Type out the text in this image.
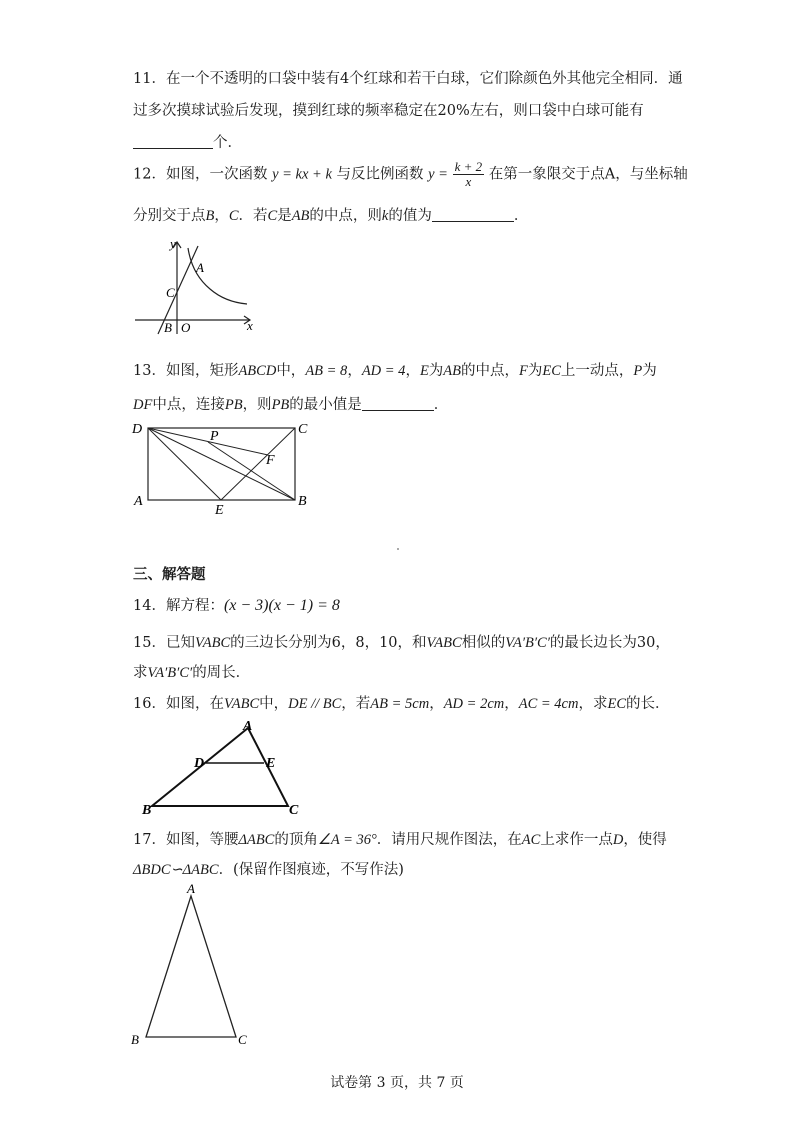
11．在一个不透明的口袋中装有4个红球和若干白球，它们除颜色外其他完全相同．通
过多次摸球试验后发现，摸到红球的频率稳定在20%左右，则口袋中白球可能有
个．
12．如图，一次函数 y = kx + k 与反比例函数 $y = \frac{k + 2}{x}$ 在第一象限交于点A，与坐标轴
分别交于点B，C．若C是AB的中点，则k的值为	．
y
x
A
C
B O
13．如图，矩形ABCD中，AB = 8，AD = 4，E为AB的中点，F为EC上一动点，P为
DF中点，连接PB，则PB的最小值是	．
D	C
P
F
A
E
B
三、解答题
14．解方程：(x − 3)(x − 1) = 8
15．已知VABC的三边长分别为6，8，10，和VABC相似的VA′B′C′的最长边长为30，
求VA′B′C′的周长．
16．如图，在VABC中，DE // BC，若AB = 5cm，AD = 2cm，AC = 4cm，求EC的长．
A
D	E
B	C
17．如图，等腰ΔABC的顶角∠A = 36°．请用尺规作图法，在AC上求作一点D，使得
ΔBDC∽ΔABC．(保留作图痕迹，不写作法)
A
B	C
试卷第 3 页，共 7 页
